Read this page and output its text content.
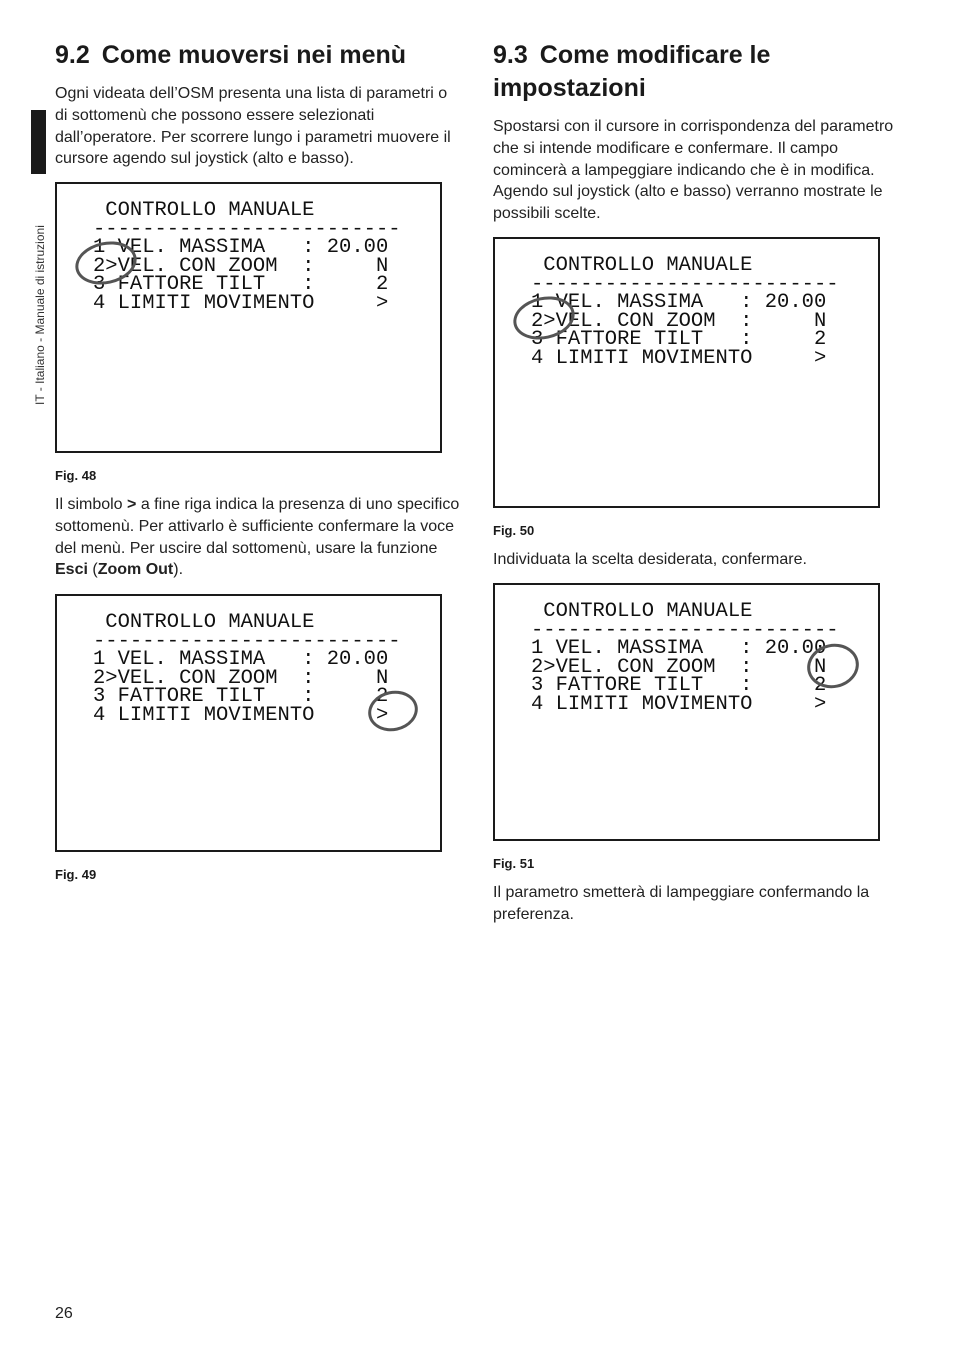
IT - Italiano - Manuale di istruzioni
9.2 Come muoversi nei menù

Ogni videata dell’OSM presenta una lista di parametri o di sottomenù che possono essere selezionati dall’operatore. Per scorrere lungo i parametri muovere il cursore agendo sul joystick (alto e basso).

CONTROLLO MANUALE
-------------------------
1 VEL. MASSIMA   : 20.00
2>VEL. CON ZOOM  :     N
3 FATTORE TILT   :     2
4 LIMITI MOVIMENTO     >
Fig. 48

Il simbolo > a fine riga indica la presenza di uno specifico sottomenù. Per attivarlo è sufficiente confermare la voce del menù. Per uscire dal sottomenù, usare la funzione Esci (Zoom Out).

CONTROLLO MANUALE
-------------------------
1 VEL. MASSIMA   : 20.00
2>VEL. CON ZOOM  :     N
3 FATTORE TILT   :     2
4 LIMITI MOVIMENTO     >
Fig. 49
9.3 Come modificare le impostazioni

Spostarsi con il cursore in corrispondenza del parametro che si intende modificare e confermare. Il campo comincerà a lampeggiare indicando che è in modifica. Agendo sul joystick (alto e basso) verranno mostrate le possibili scelte.

CONTROLLO MANUALE
-------------------------
1 VEL. MASSIMA   : 20.00
2>VEL. CON ZOOM  :     N
3 FATTORE TILT   :     2
4 LIMITI MOVIMENTO     >
Fig. 50

Individuata la scelta desiderata, confermare.

CONTROLLO MANUALE
-------------------------
1 VEL. MASSIMA   : 20.00
2>VEL. CON ZOOM  :     N
3 FATTORE TILT   :     2
4 LIMITI MOVIMENTO     >
Fig. 51

Il parametro smetterà di lampeggiare confermando la preferenza.

26
